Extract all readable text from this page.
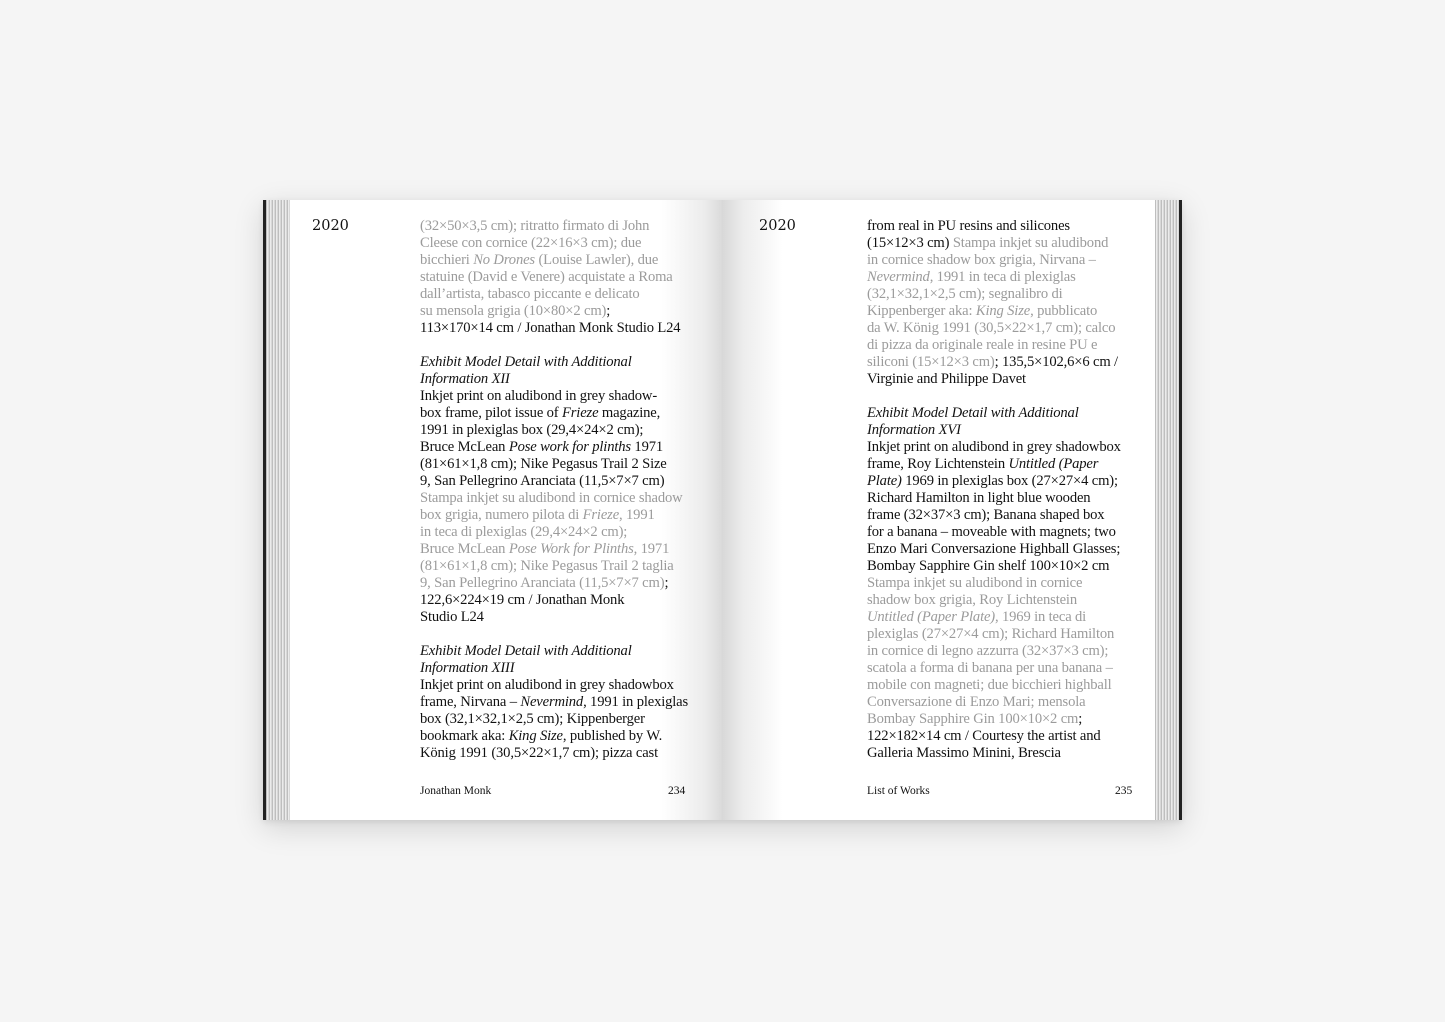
2020	(32×50×3,5 cm); ritratto firmato di John
Cleese con cornice (22×16×3 cm); due
bicchieri No Drones (Louise Lawler), due
statuine (David e Venere) acquistate a Roma
dall’artista, tabasco piccante e delicato
su mensola grigia (10×80×2 cm);
113×170×14 cm / Jonathan Monk Studio L24
Exhibit Model Detail with Additional
Information XII
Inkjet print on aludibond in grey shadow-
box frame, pilot issue of Frieze magazine,
1991 in plexiglas box (29,4×24×2 cm);
Bruce McLean Pose work for plinths 1971
(81×61×1,8 cm); Nike Pegasus Trail 2 Size
9, San Pellegrino Aranciata (11,5×7×7 cm)
Stampa inkjet su aludibond in cornice shadow
box grigia, numero pilota di Frieze, 1991
in teca di plexiglas (29,4×24×2 cm);
Bruce McLean Pose Work for Plinths, 1971
(81×61×1,8 cm); Nike Pegasus Trail 2 taglia
9, San Pellegrino Aranciata (11,5×7×7 cm);
122,6×224×19 cm / Jonathan Monk
Studio L24
Exhibit Model Detail with Additional
Information XIII
Inkjet print on aludibond in grey shadowbox
frame, Nirvana – Nevermind, 1991 in plexiglas
box (32,1×32,1×2,5 cm); Kippenberger
bookmark aka: King Size, published by W.
König 1991 (30,5×22×1,7 cm); pizza cast
Jonathan Monk	234
2020	from real in PU resins and silicones
(15×12×3 cm) Stampa inkjet su aludibond
in cornice shadow box grigia, Nirvana –
Nevermind, 1991 in teca di plexiglas
(32,1×32,1×2,5 cm); segnalibro di
Kippenberger aka: King Size, pubblicato
da W. König 1991 (30,5×22×1,7 cm); calco
di pizza da originale reale in resine PU e
siliconi (15×12×3 cm); 135,5×102,6×6 cm /
Virginie and Philippe Davet
Exhibit Model Detail with Additional
Information XVI
Inkjet print on aludibond in grey shadowbox
frame, Roy Lichtenstein Untitled (Paper
Plate) 1969 in plexiglas box (27×27×4 cm);
Richard Hamilton in light blue wooden
frame (32×37×3 cm); Banana shaped box
for a banana – moveable with magnets; two
Enzo Mari Conversazione Highball Glasses;
Bombay Sapphire Gin shelf 100×10×2 cm
Stampa inkjet su aludibond in cornice
shadow box grigia, Roy Lichtenstein
Untitled (Paper Plate), 1969 in teca di
plexiglas (27×27×4 cm); Richard Hamilton
in cornice di legno azzurra (32×37×3 cm);
scatola a forma di banana per una banana –
mobile con magneti; due bicchieri highball
Conversazione di Enzo Mari; mensola
Bombay Sapphire Gin 100×10×2 cm;
122×182×14 cm / Courtesy the artist and
Galleria Massimo Minini, Brescia
List of Works	235
